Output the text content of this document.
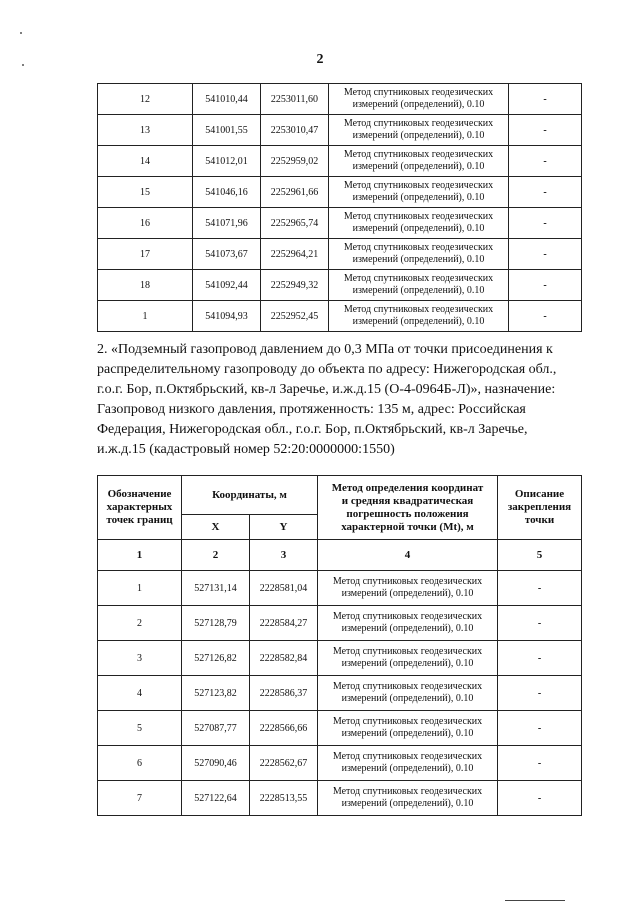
2
12	541010,44	2253011,60	Метод спутниковых геодезических
измерений (определений), 0.10	-
13	541001,55	2253010,47	Метод спутниковых геодезических
измерений (определений), 0.10	-
14	541012,01	2252959,02	Метод спутниковых геодезических
измерений (определений), 0.10	-
15	541046,16	2252961,66	Метод спутниковых геодезических
измерений (определений), 0.10	-
16	541071,96	2252965,74	Метод спутниковых геодезических
измерений (определений), 0.10	-
17	541073,67	2252964,21	Метод спутниковых геодезических
измерений (определений), 0.10	-
18	541092,44	2252949,32	Метод спутниковых геодезических
измерений (определений), 0.10	-
1	541094,93	2252952,45	Метод спутниковых геодезических
измерений (определений), 0.10	-
2. «Подземный газопровод давлением до 0,3 МПа от точки присоединения к
распределительному газопроводу до объекта по адресу: Нижегородская обл.,
г.о.г. Бор, п.Октябрьский, кв-л Заречье, и.ж.д.15 (О-4-0964Б-Л)», назначение:
Газопровод низкого давления, протяженность: 135 м, адрес: Российская
Федерация, Нижегородская обл., г.о.г. Бор, п.Октябрьский, кв-л Заречье,
и.ж.д.15 (кадастровый номер 52:20:0000000:1550)
Обозначение
характерных
точек границ	Координаты, м		Метод определения координат
и средняя квадратическая
погрешность положения
характерной точки (Mt), м	Описание
закрепления
точки

	X	Y		
1	2	3	4	5
1	527131,14	2228581,04	Метод спутниковых геодезических
измерений (определений), 0.10	-
2	527128,79	2228584,27	Метод спутниковых геодезических
измерений (определений), 0.10	-
3	527126,82	2228582,84	Метод спутниковых геодезических
измерений (определений), 0.10	-
4	527123,82	2228586,37	Метод спутниковых геодезических
измерений (определений), 0.10	-
5	527087,77	2228566,66	Метод спутниковых геодезических
измерений (определений), 0.10	-
6	527090,46	2228562,67	Метод спутниковых геодезических
измерений (определений), 0.10	-
7	527122,64	2228513,55	Метод спутниковых геодезических
измерений (определений), 0.10	-
